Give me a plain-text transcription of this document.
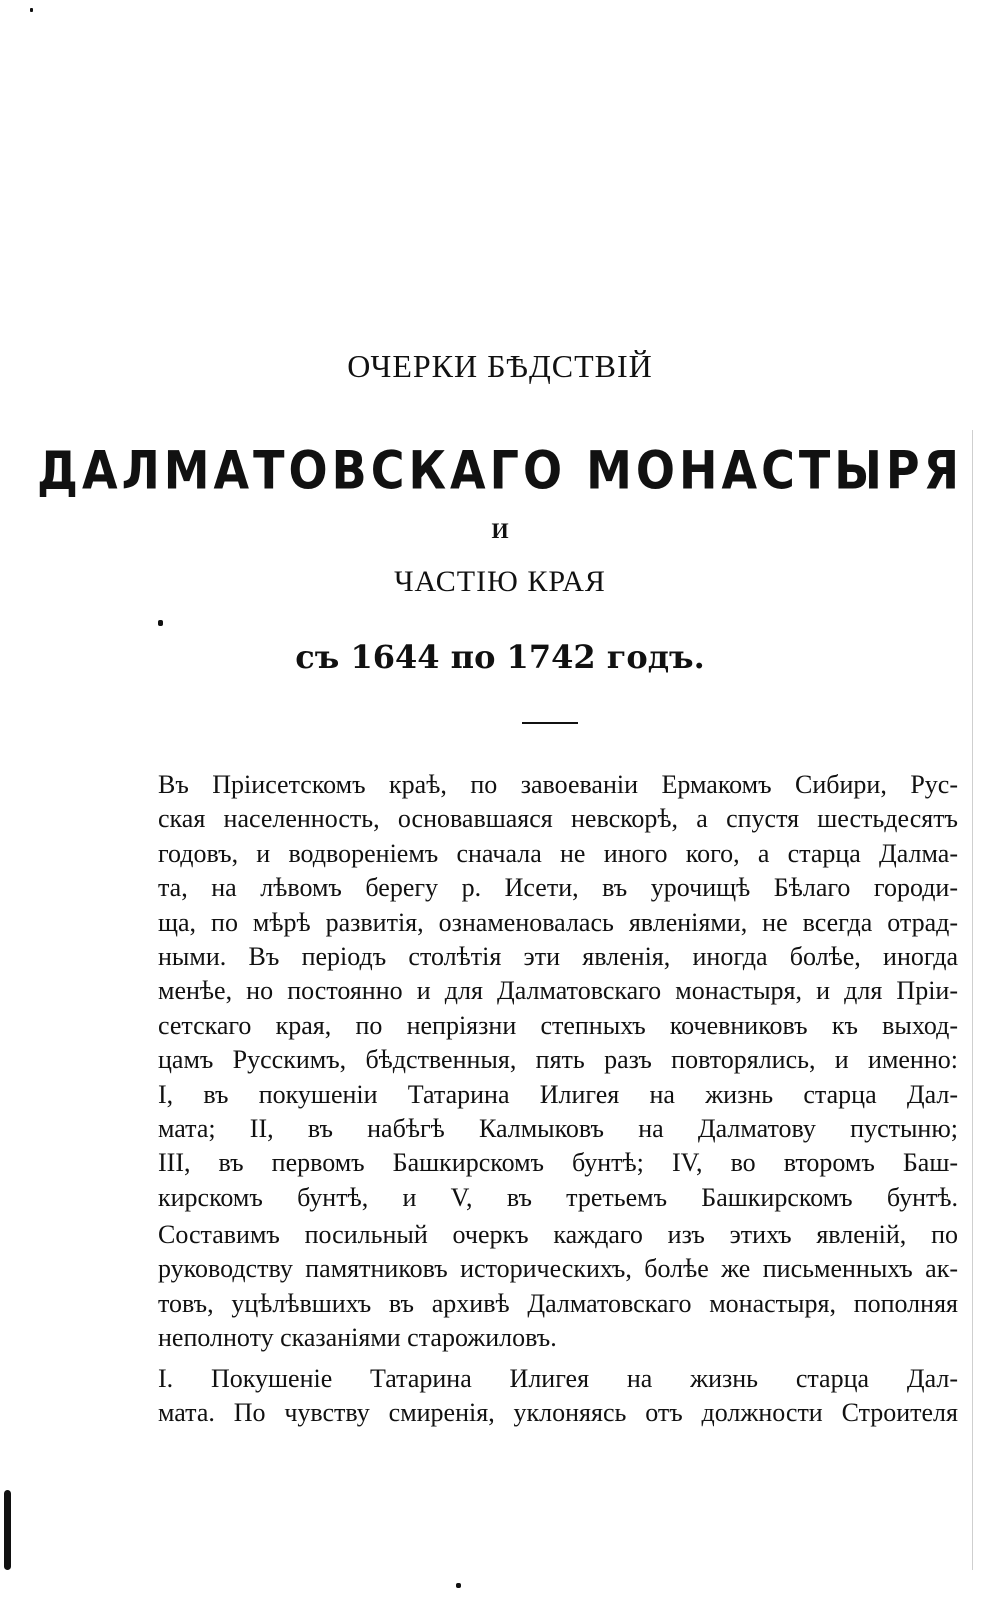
ОЧЕРКИ БѢДСТВІЙ
ДАЛМАТОВСКАГО МОНАСТЫРЯ
И
ЧАСТІЮ КРАЯ
съ 1644 по 1742 годъ.
Въ Пріисетскомъ краѣ, по завоеваніи Ермакомъ Сибири, Рус-
ская населенность, основавшаяся невскорѣ, а спустя шестьдесятъ
годовъ, и водвореніемъ сначала не иного кого, а старца Далма-
та, на лѣвомъ берегу р. Исети, въ урочищѣ Бѣлаго городи-
ща, по мѣрѣ развитія, ознаменовалась явленіями, не всегда отрад-
ными. Въ періодъ столѣтія эти явленія, иногда болѣе, иногда
менѣе, но постоянно и для Далматовскаго монастыря, и для Пріи-
сетскаго края, по непріязни степныхъ кочевниковъ къ выход-
цамъ Русскимъ, бѣдственныя, пять разъ повторялись, и именно:
I, въ покушеніи Татарина Илигея на жизнь старца Дал-
мата; II, въ набѣгѣ Калмыковъ на Далматову пустыню;
III, въ первомъ Башкирскомъ бунтѣ; IV, во второмъ Баш-
кирскомъ бунтѣ, и V, въ третьемъ Башкирскомъ бунтѣ.
Составимъ посильный очеркъ каждаго изъ этихъ явленій, по
руководству памятниковъ историческихъ, болѣе же письменныхъ ак-
товъ, уцѣлѣвшихъ въ архивѣ Далматовскаго монастыря, пополняя
неполноту сказаніями старожиловъ.
I. Покушеніе Татарина Илигея на жизнь старца Дал-
мата. По чувству смиренія, уклоняясь отъ должности Строителя
